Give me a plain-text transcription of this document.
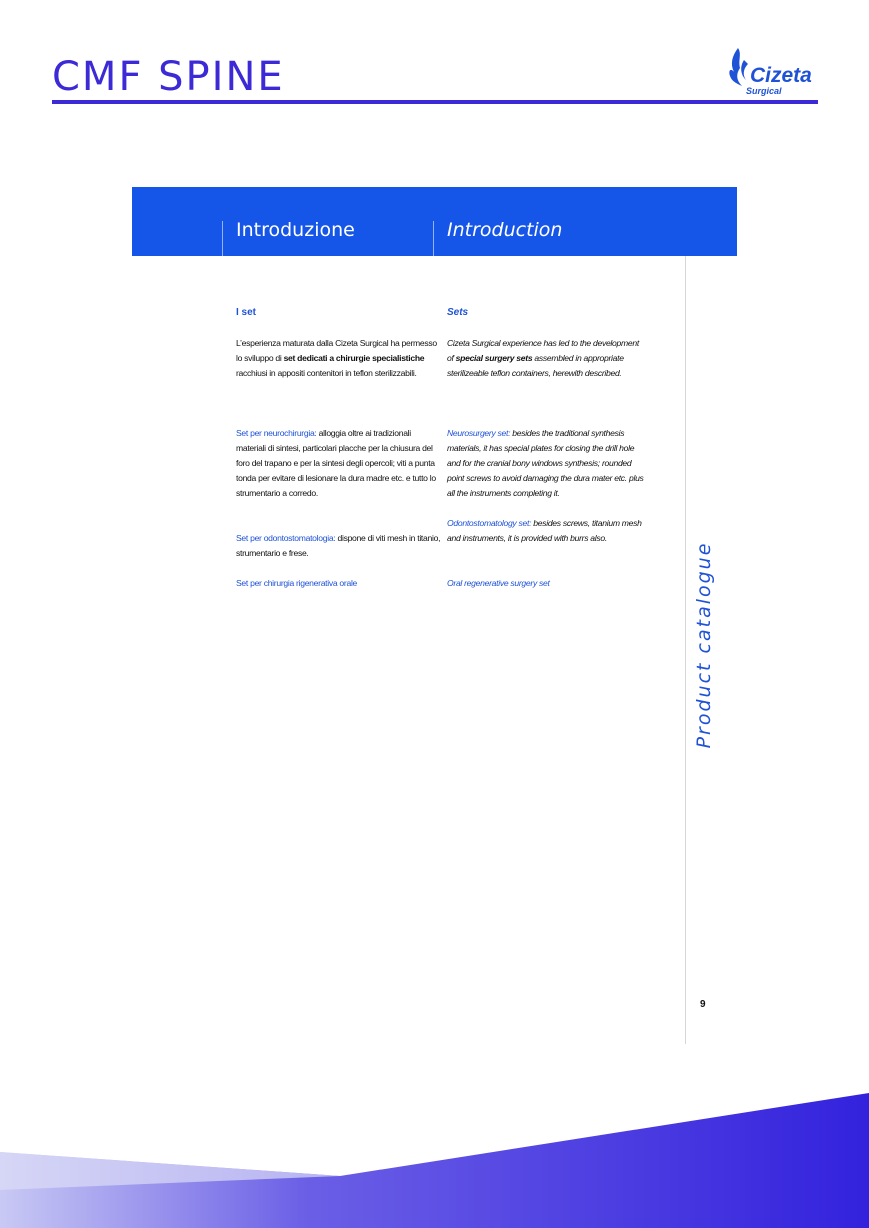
CMF SPINE	Cizeta
Surgical
Introduzione	Introduction
Product catalogue
9
I set
L’esperienza maturata dalla Cizeta Surgical ha permesso lo sviluppo di set dedicati a chirurgie specialistiche racchiusi in appositi contenitori in teflon sterilizzabili.
Set per neurochirurgia: alloggia oltre ai tradizionali materiali di sintesi, particolari placche per la chiusura del foro del trapano e per la sintesi degli opercoli; viti a punta tonda per evitare di lesionare la dura madre etc. e tutto lo strumentario a corredo.
Set per odontostomatologia: dispone di viti mesh in titanio, strumentario e frese.
Set per chirurgia rigenerativa orale
Sets
Cizeta Surgical experience has led to the development of special surgery sets assembled in appropriate sterilizeable teflon containers, herewith described.
Neurosurgery set: besides the traditional synthesis materials, it has special plates for closing the drill hole and for the cranial bony windows synthesis; rounded point screws to avoid damaging the dura mater etc. plus all the instruments completing it.
Odontostomatology set: besides screws, titanium mesh and instruments, it is provided with burrs also.
Oral regenerative surgery set
